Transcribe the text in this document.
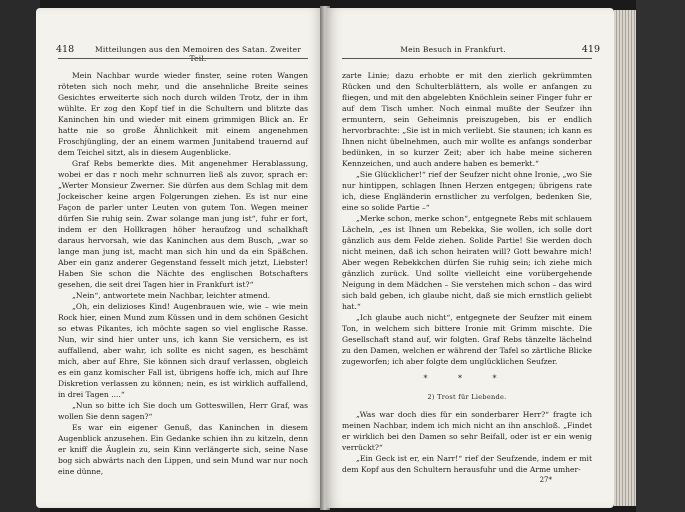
418	Mitteilungen aus den Memoiren des Satan. Zweiter

Mein Nachbar wurde wieder finster, seine roten Wangen röteten sich noch mehr, und die ansehnliche Breite seines Gesichtes erweiterte sich noch durch wilden Trotz, der in ihm wühlte. Er zog den Kopf tief in die Schultern und blitzte das Kaninchen hin und wieder mit einem grimmigen Blick an. Er hatte nie so große Ähnlichkeit mit einem angenehmen Froschjüngling, der an einem warmen Junitabend trauernd auf dem Teichel sitzt, als in diesem Augenblicke.

Graf Rebs bemerkte dies. Mit angenehmer Herablassung, wobei er das r noch mehr schnurren ließ als zuvor, sprach er: „Werter Monsieur Zwerner. Sie dürfen aus dem Schlag mit dem Jockeischer keine argen Folgerungen ziehen. Es ist nur eine Façon de parler unter Leuten von gutem Ton. Wegen meiner dürfen Sie ruhig sein. Zwar solange man jung ist“, fuhr er fort, indem er den Hollkragen höher heraufzog und schalkhaft daraus hervorsah, wie das Kaninchen aus dem Busch, „war so lange man jung ist, macht man sich hin und da ein Späßchen. Aber ein ganz anderer Gegenstand fesselt mich jetzt, Liebster! Haben Sie schon die Nächte des englischen Botschafters gesehen, die seit drei Tagen hier in Frankfurt ist?“

„Nein“, antwortete mein Nachbar, leichter atmend.

„Oh, ein delizioses Kind! Augenbrauen wie, wie – wie mein Rock hier, einen Mund zum Küssen und in dem schönen Gesicht so etwas Pikantes, ich möchte sagen so viel englische Rasse. Nun, wir sind hier unter uns, ich kann Sie versichern, es ist auffallend, aber wahr, ich sollte es nicht sagen, es beschämt mich, aber auf Ehre, Sie können sich drauf verlassen, obgleich es ein ganz komischer Fall ist, übrigens hoffe ich, mich auf Ihre Diskretion verlassen zu können; nein, es ist wirklich auffallend, in drei Tagen ....“

„Nun so bitte ich Sie doch um Gotteswillen, Herr Graf, was wollen Sie denn sagen?“

Es war ein eigener Genuß, das Kaninchen in diesem Augenblick anzusehen. Ein Gedanke schien ihn zu kitzeln, denn er kniff die Äuglein zu, sein Kinn verlängerte sich, seine Nase bog sich abwärts nach den Lippen, und sein Mund war nur noch eine dünne,

Mein Besuch in Frankfurt.	419

zarte Linie; dazu erhobte er mit den zierlich gekrümmten Rücken und den Schulterblättern, als wolle er anfangen zu fliegen, und mit den abgelebten Knöchlein seiner Finger fuhr er auf dem Tisch umher. Noch einmal mußte der Seufzer ihn ermuntern, sein Geheimnis preiszugeben, bis er endlich hervorbrachte: „Sie ist in mich verliebt. Sie staunen; ich kann es Ihnen nicht übelnehmen, auch mir wollte es anfangs sonderbar bedünken, in so kurzer Zeit; aber ich habe meine sicheren Kennzeichen, und auch andere haben es bemerkt.“

„Sie Glücklicher!“ rief der Seufzer nicht ohne Ironie, „wo Sie nur hintippen, schlagen Ihnen Herzen entgegen; übrigens rate ich, diese Engländerin ernstlicher zu verfolgen, bedenken Sie, eine so solide Partie –“

„Merke schon, merke schon“, entgegnete Rebs mit schlauem Lächeln, „es ist Ihnen um Rebekka, Sie wollen, ich solle dort gänzlich aus dem Felde ziehen. Solide Partie! Sie werden doch nicht meinen, daß ich schon heiraten will? Gott bewahre mich! Aber wegen Rebekkchen dürfen Sie ruhig sein; ich ziehe mich gänzlich zurück. Und sollte vielleicht eine vorübergehende Neigung in dem Mädchen – Sie verstehen mich schon – das wird sich bald geben, ich glaube nicht, daß sie mich ernstlich geliebt hat.“

„Ich glaube auch nicht“, entgegnete der Seufzer mit einem Ton, in welchem sich bittere Ironie mit Grimm mischte. Die Gesellschaft stand auf, wir folgten. Graf Rebs tänzelte lächelnd zu den Damen, welchen er während der Tafel so zärtliche Blicke zugeworfen; ich aber folgte dem unglücklichen Seufzer.

* * *
2) Trost für Liebende.

„Was war doch dies für ein sonderbarer Herr?“ fragte ich meinen Nachbar, indem ich mich nicht an ihn anschloß. „Findet er wirklich bei den Damen so sehr Beifall, oder ist er ein wenig verrückt?“

„Ein Geck ist er, ein Narr!“ rief der Seufzende, indem er mit dem Kopf aus den Schultern herausfuhr und die Arme umher-

27*
